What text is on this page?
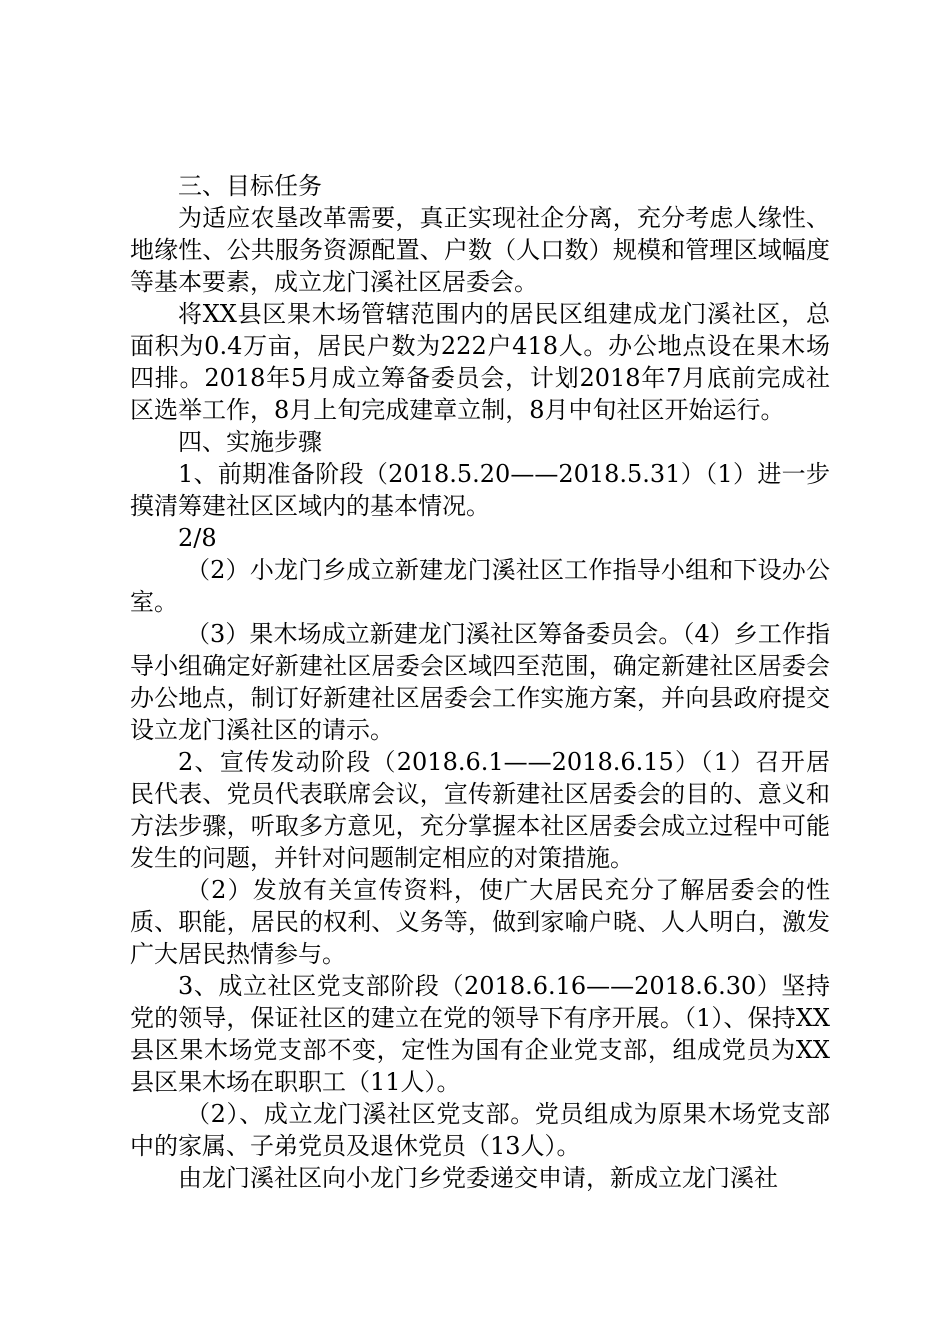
三、目标任务

为适应农垦改革需要，真正实现社企分离，充分考虑人缘性、地缘性、公共服务资源配置、户数（人口数）规模和管理区域幅度等基本要素，成立龙门溪社区居委会。

将XX县区果木场管辖范围内的居民区组建成龙门溪社区，总面积为0.4万亩，居民户数为222户418人。办公地点设在果木场四排。2018年5月成立筹备委员会，计划2018年7月底前完成社区选举工作，8月上旬完成建章立制，8月中旬社区开始运行。

四、实施步骤

1、前期准备阶段（2018.5.20——2018.5.31）（1）进一步摸清筹建社区区域内的基本情况。

2/8

（2）小龙门乡成立新建龙门溪社区工作指导小组和下设办公室。

（3）果木场成立新建龙门溪社区筹备委员会。（4）乡工作指导小组确定好新建社区居委会区域四至范围，确定新建社区居委会办公地点，制订好新建社区居委会工作实施方案，并向县政府提交设立龙门溪社区的请示。

2、宣传发动阶段（2018.6.1——2018.6.15）（1）召开居民代表、党员代表联席会议，宣传新建社区居委会的目的、意义和方法步骤，听取多方意见，充分掌握本社区居委会成立过程中可能发生的问题，并针对问题制定相应的对策措施。

（2）发放有关宣传资料，使广大居民充分了解居委会的性质、职能，居民的权利、义务等，做到家喻户晓、人人明白，激发广大居民热情参与。

3、成立社区党支部阶段（2018.6.16——2018.6.30）坚持党的领导，保证社区的建立在党的领导下有序开展。（1）、保持XX县区果木场党支部不变，定性为国有企业党支部，组成党员为XX县区果木场在职职工（11人）。

（2）、成立龙门溪社区党支部。党员组成为原果木场党支部中的家属、子弟党员及退休党员（13人）。

由龙门溪社区向小龙门乡党委递交申请，新成立龙门溪社
